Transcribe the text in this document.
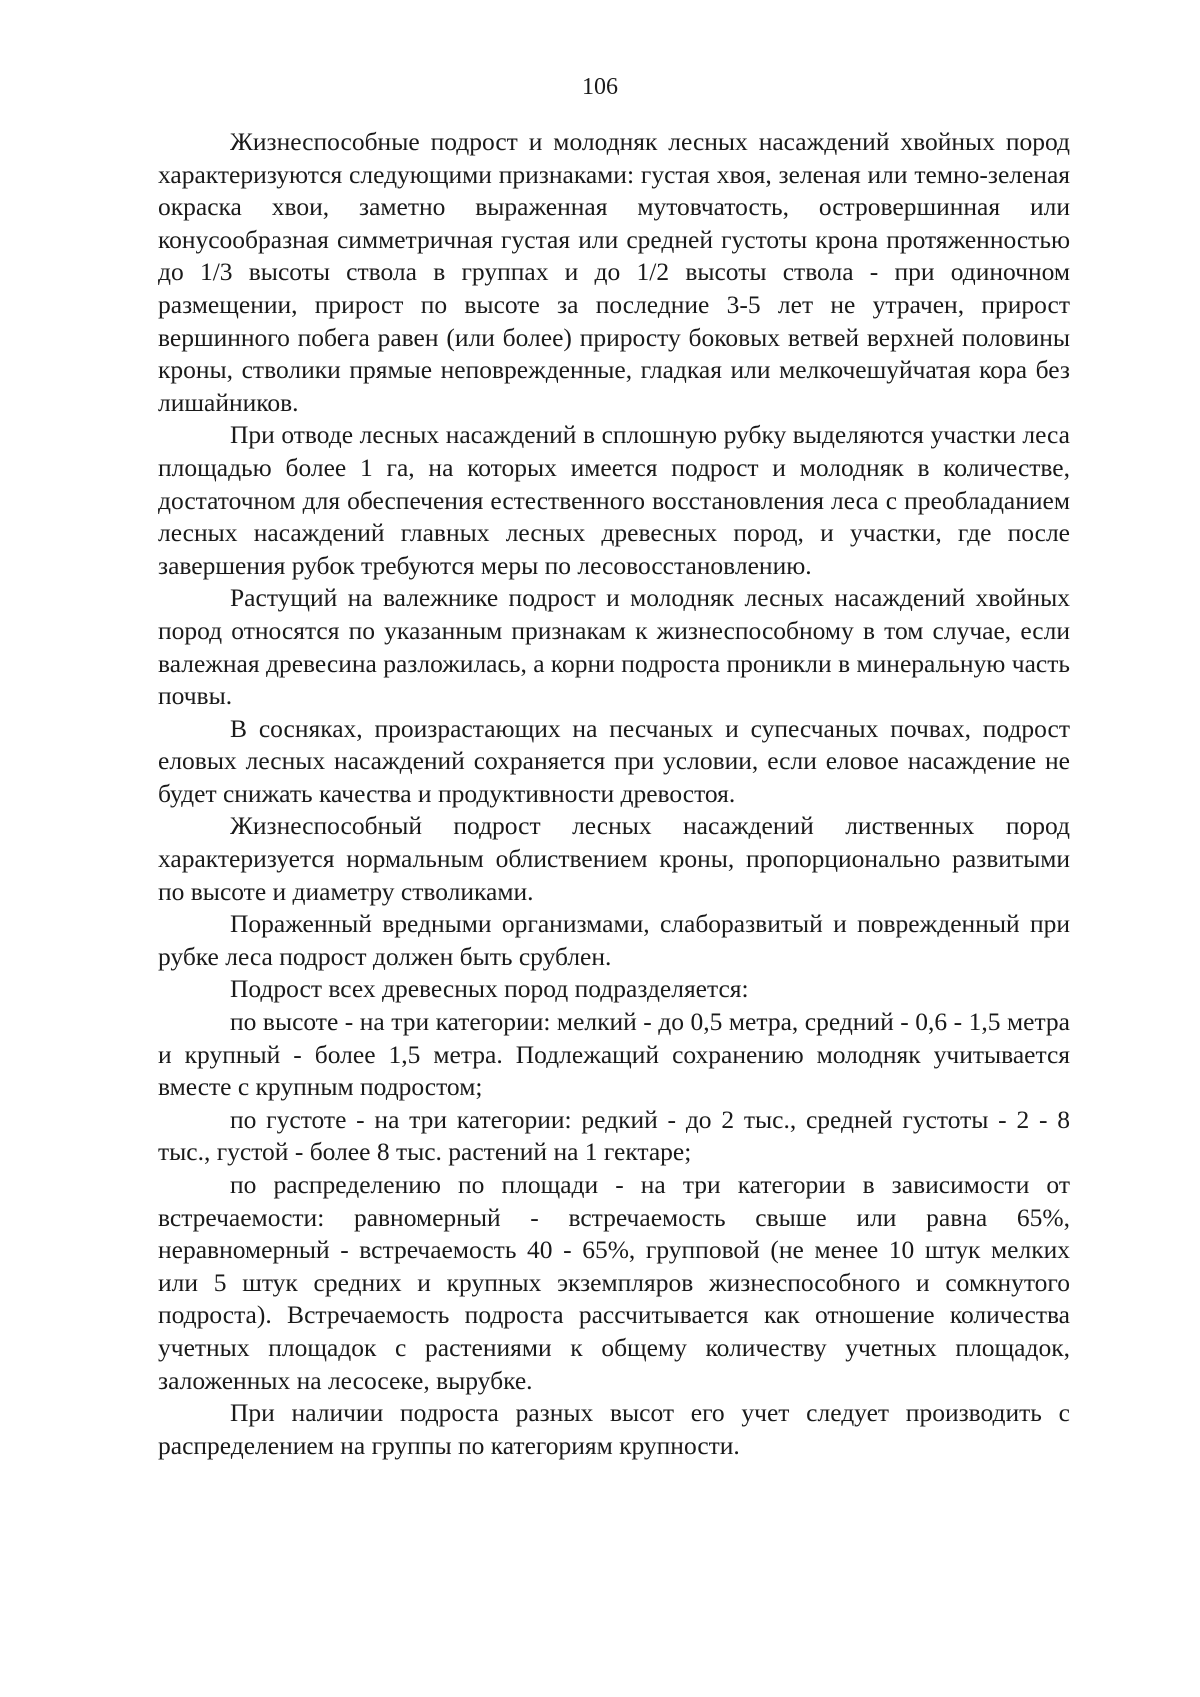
106

Жизнеспособные подрост и молодняк лесных насаждений хвойных пород характеризуются следующими признаками: густая хвоя, зеленая или темно-зеленая окраска хвои, заметно выраженная мутовчатость, островершинная или конусообразная симметричная густая или средней густоты крона протяженностью до 1/3 высоты ствола в группах и до 1/2 высоты ствола - при одиночном размещении, прирост по высоте за последние 3-5 лет не утрачен, прирост вершинного побега равен (или более) приросту боковых ветвей верхней половины кроны, стволики прямые неповрежденные, гладкая или мелкочешуйчатая кора без лишайников.

При отводе лесных насаждений в сплошную рубку выделяются участки леса площадью более 1 га, на которых имеется подрост и молодняк в количестве, достаточном для обеспечения естественного восстановления леса с преобладанием лесных насаждений главных лесных древесных пород, и участки, где после завершения рубок требуются меры по лесовосстановлению.

Растущий на валежнике подрост и молодняк лесных насаждений хвойных пород относятся по указанным признакам к жизнеспособному в том случае, если валежная древесина разложилась, а корни подроста проникли в минеральную часть почвы.

В сосняках, произрастающих на песчаных и супесчаных почвах, подрост еловых лесных насаждений сохраняется при условии, если еловое насаждение не будет снижать качества и продуктивности древостоя.

Жизнеспособный подрост лесных насаждений лиственных пород характеризуется нормальным облиствением кроны, пропорционально развитыми по высоте и диаметру стволиками.

Пораженный вредными организмами, слаборазвитый и поврежденный при рубке леса подрост должен быть срублен.

Подрост всех древесных пород подразделяется:

по высоте - на три категории: мелкий - до 0,5 метра, средний - 0,6 - 1,5 метра и крупный - более 1,5 метра. Подлежащий сохранению молодняк учитывается вместе с крупным подростом;

по густоте - на три категории: редкий - до 2 тыс., средней густоты - 2 - 8 тыс., густой - более 8 тыс. растений на 1 гектаре;

по распределению по площади - на три категории в зависимости от встречаемости: равномерный - встречаемость свыше или равна 65%, неравномерный - встречаемость 40 - 65%, групповой (не менее 10 штук мелких или 5 штук средних и крупных экземпляров жизнеспособного и сомкнутого подроста). Встречаемость подроста рассчитывается как отношение количества учетных площадок с растениями к общему количеству учетных площадок, заложенных на лесосеке, вырубке.

При наличии подроста разных высот его учет следует производить с распределением на группы по категориям крупности.
